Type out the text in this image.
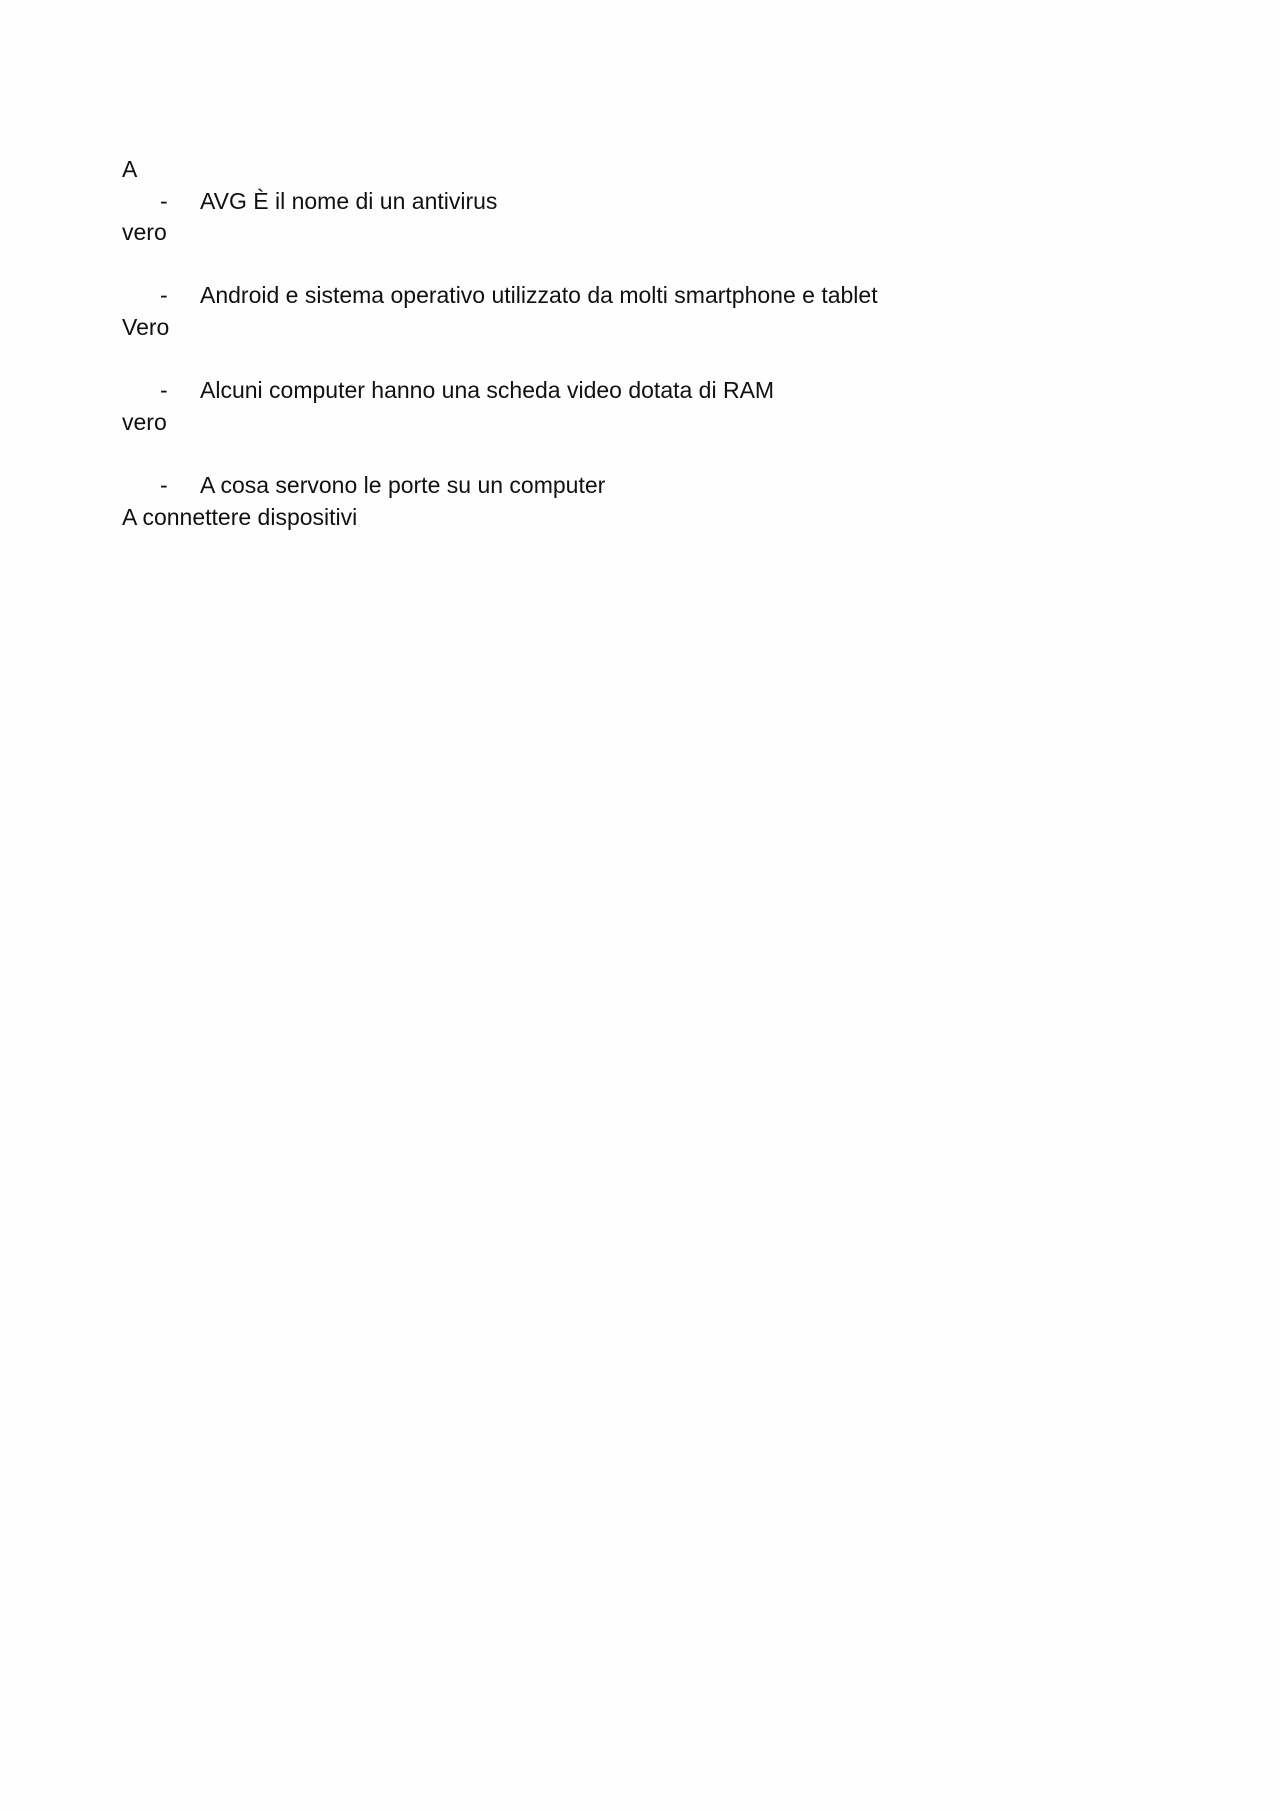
A
- AVG È il nome di un antivirus
vero
- Android e sistema operativo utilizzato da molti smartphone e tablet
Vero
- Alcuni computer hanno una scheda video dotata di RAM
vero
- A cosa servono le porte su un computer
A connettere dispositivi
